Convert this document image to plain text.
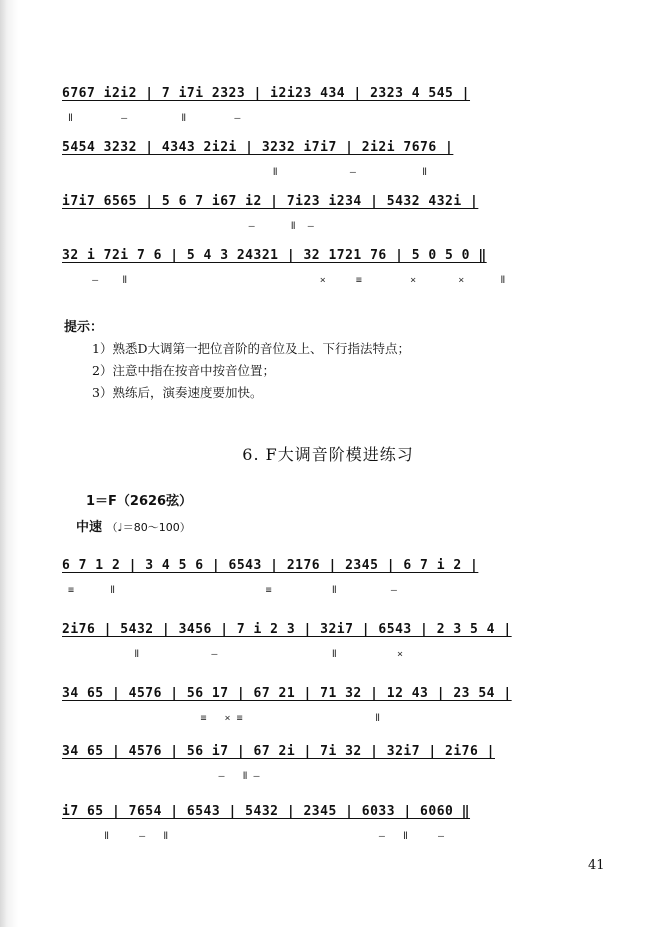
6767 i2i2 | 7 i7i 2323 | i2i23 434 | 2323 4 545 |
Ⅱ        –         Ⅱ        –
5454 3232 | 4343 2i2i | 3232 i7i7 | 2i2i 7676 |
Ⅱ            –           Ⅱ
i7i7 6565 | 5 6 7 i67 i2 | 7i23 i234 | 5432 432i |
–      Ⅱ  –
32 i 72i 7 6 | 5 4 3 24321 | 32 1721 76 | 5 0 5 0 ‖
–    Ⅱ                                ×     ≡        ×       ×      Ⅱ
提示：
1）熟悉D大调第一把位音阶的音位及上、下行指法特点；
2）注意中指在按音中按音位置；
3）熟练后，演奏速度要加快。
6. F大调音阶模进练习
1＝F（2626弦）
中速 （♩＝80～100）
6 7 1 2 | 3 4 5 6 | 6543 | 2176 | 2345 | 6 7 i 2 |
≡      Ⅱ                         ≡          Ⅱ         –
2i76 | 5432 | 3456 | 7 i 2 3 | 32i7 | 6543 | 2 3 5 4 |
Ⅱ            –                   Ⅱ          ×
34 65 | 4576 | 56 17 | 67 21 | 71 32 | 12 43 | 23 54 |
≡   × ≡                      Ⅱ
34 65 | 4576 | 56 i7 | 67 2i | 7i 32 | 32i7 | 2i76 |
–   Ⅱ –
i7 65 | 7654 | 6543 | 5432 | 2345 | 6033 | 6060 ‖
Ⅱ     –   Ⅱ                                   –   Ⅱ     –
41
